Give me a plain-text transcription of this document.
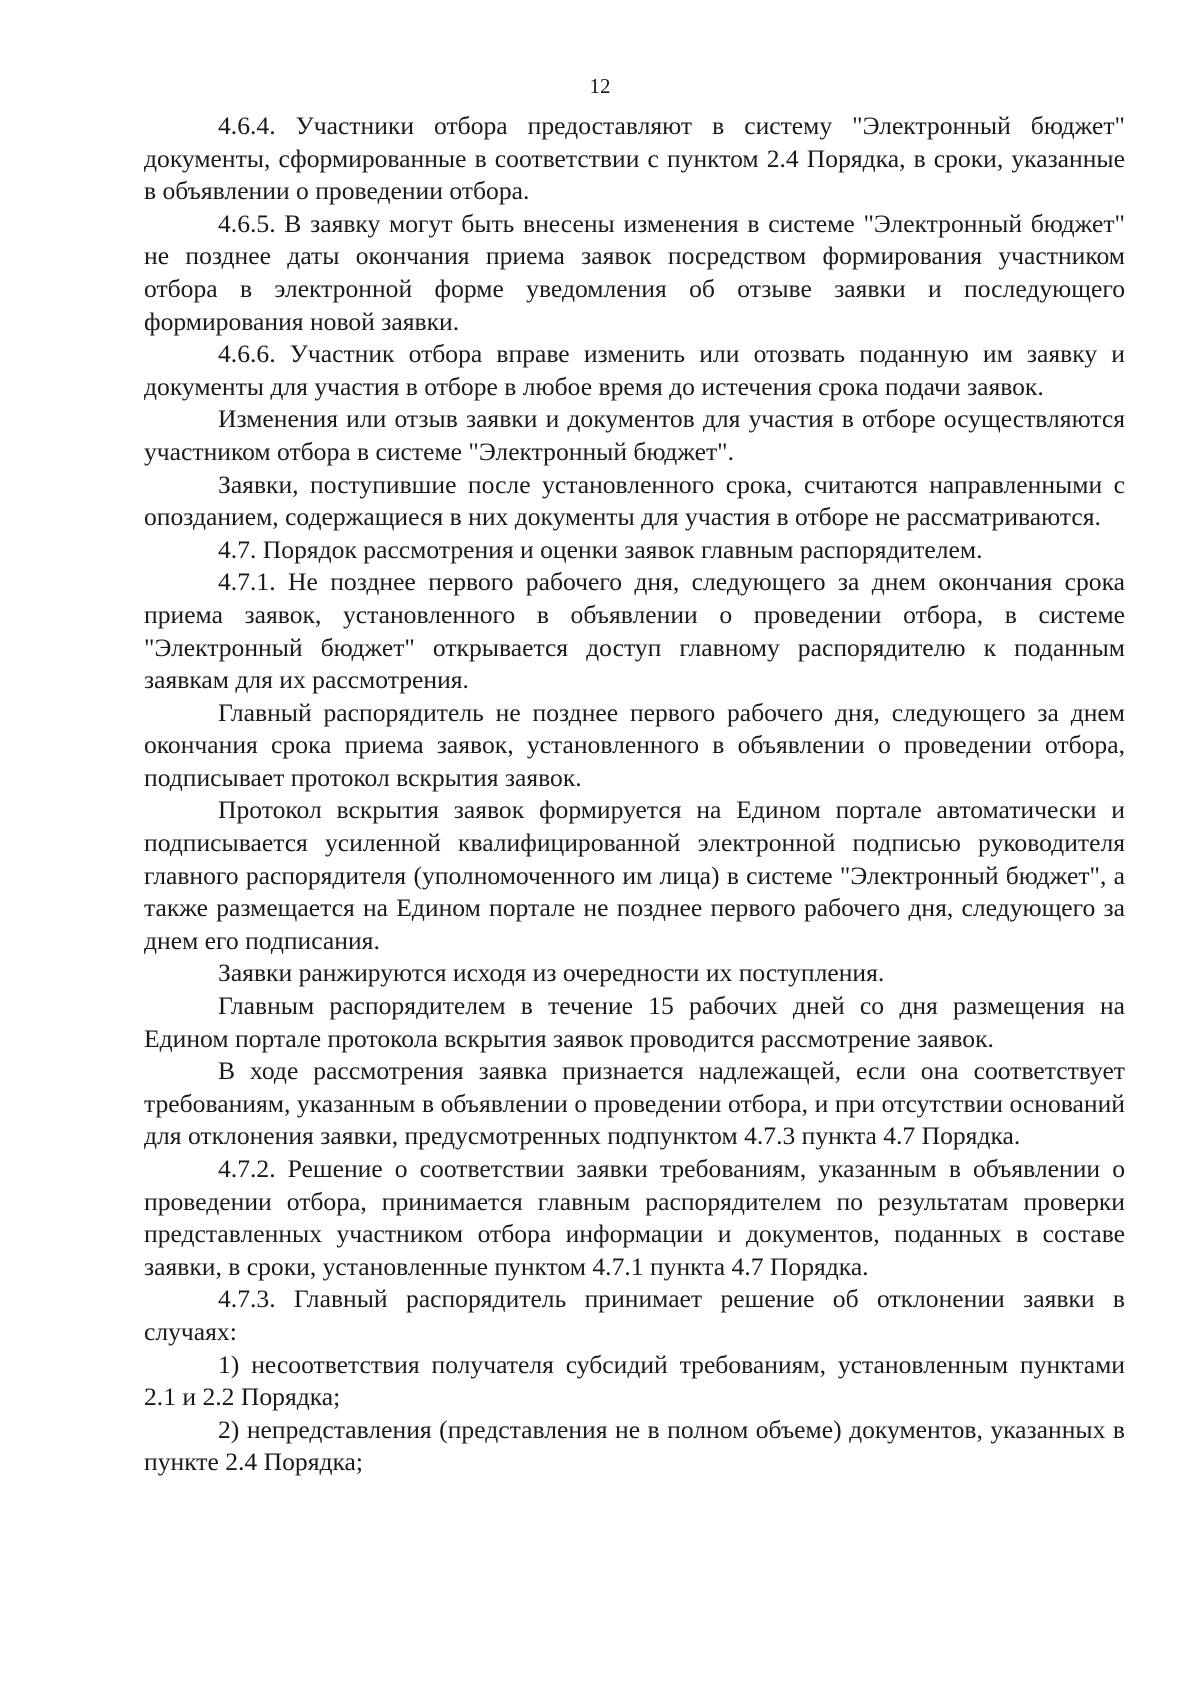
12

4.6.4. Участники отбора предоставляют в систему "Электронный бюджет" документы, сформированные в соответствии с пунктом 2.4 Порядка, в сроки, указанные в объявлении о проведении отбора.

4.6.5. В заявку могут быть внесены изменения в системе "Электронный бюджет" не позднее даты окончания приема заявок посредством формирования участником отбора в электронной форме уведомления об отзыве заявки и последующего формирования новой заявки.

4.6.6. Участник отбора вправе изменить или отозвать поданную им заявку и документы для участия в отборе в любое время до истечения срока подачи заявок.

Изменения или отзыв заявки и документов для участия в отборе осуществляются участником отбора в системе "Электронный бюджет".

Заявки, поступившие после установленного срока, считаются направленными с опозданием, содержащиеся в них документы для участия в отборе не рассматриваются.

4.7. Порядок рассмотрения и оценки заявок главным распорядителем.

4.7.1. Не позднее первого рабочего дня, следующего за днем окончания срока приема заявок, установленного в объявлении о проведении отбора, в системе "Электронный бюджет" открывается доступ главному распорядителю к поданным заявкам для их рассмотрения.

Главный распорядитель не позднее первого рабочего дня, следующего за днем окончания срока приема заявок, установленного в объявлении о проведении отбора, подписывает протокол вскрытия заявок.

Протокол вскрытия заявок формируется на Едином портале автоматически и подписывается усиленной квалифицированной электронной подписью руководителя главного распорядителя (уполномоченного им лица) в системе "Электронный бюджет", а также размещается на Едином портале не позднее первого рабочего дня, следующего за днем его подписания.

Заявки ранжируются исходя из очередности их поступления.

Главным распорядителем в течение 15 рабочих дней со дня размещения на Едином портале протокола вскрытия заявок проводится рассмотрение заявок.

В ходе рассмотрения заявка признается надлежащей, если она соответствует требованиям, указанным в объявлении о проведении отбора, и при отсутствии оснований для отклонения заявки, предусмотренных подпунктом 4.7.3 пункта 4.7 Порядка.

4.7.2. Решение о соответствии заявки требованиям, указанным в объявлении о проведении отбора, принимается главным распорядителем по результатам проверки представленных участником отбора информации и документов, поданных в составе заявки, в сроки, установленные пунктом 4.7.1 пункта 4.7 Порядка.

4.7.3. Главный распорядитель принимает решение об отклонении заявки в случаях:

1) несоответствия получателя субсидий требованиям, установленным пунктами 2.1 и 2.2 Порядка;

2) непредставления (представления не в полном объеме) документов, указанных в пункте 2.4 Порядка;
